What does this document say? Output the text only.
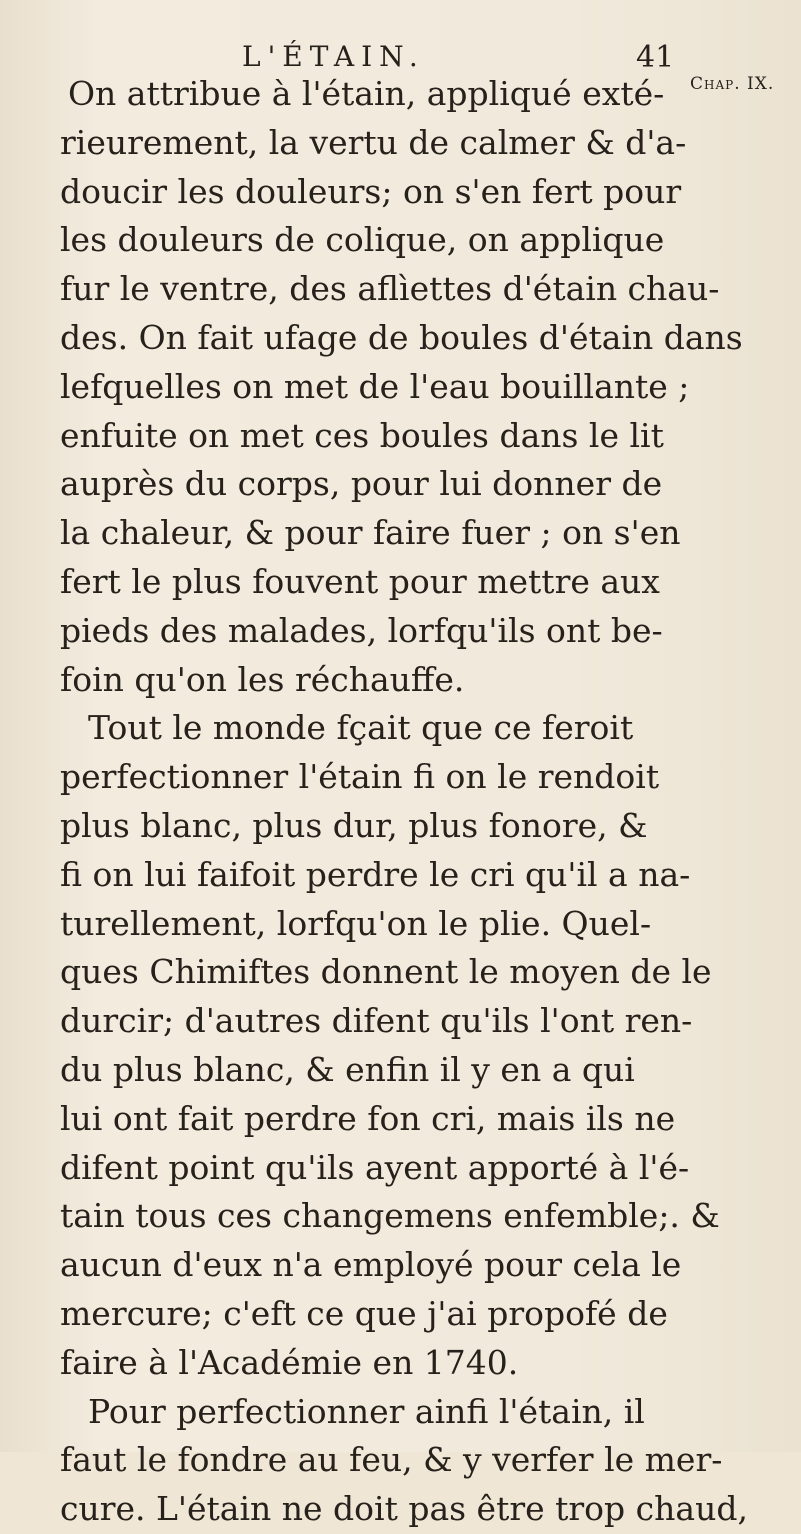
L'ÉTAIN.	41
Chap. IX.
On attribue à l'étain, appliqué exté-
rieurement, la vertu de calmer & d'a-
doucir les douleurs; on s'en fert pour
les douleurs de colique, on applique
fur le ventre, des aflìettes d'étain chau-
des. On fait ufage de boules d'étain dans
lefquelles on met de l'eau bouillante ;
enfuite on met ces boules dans le lit
auprès du corps, pour lui donner de
la chaleur, & pour faire fuer ; on s'en
fert le plus fouvent pour mettre aux
pieds des malades, lorfqu'ils ont be-
foin qu'on les réchauffe.
Tout le monde fçait que ce feroit
perfectionner l'étain fi on le rendoit
plus blanc, plus dur, plus fonore, &
fi on lui faifoit perdre le cri qu'il a na-
turellement, lorfqu'on le plie. Quel-
ques Chimiftes donnent le moyen de le
durcir; d'autres difent qu'ils l'ont ren-
du plus blanc, & enfin il y en a qui
lui ont fait perdre fon cri, mais ils ne
difent point qu'ils ayent apporté à l'é-
tain tous ces changemens enfemble;. &
aucun d'eux n'a employé pour cela le
mercure; c'eft ce que j'ai propofé de
faire à l'Académie en 1740.
Pour perfectionner ainfi l'étain, il
faut le fondre au feu, & y verfer le mer-
cure. L'étain ne doit pas être trop chaud,
